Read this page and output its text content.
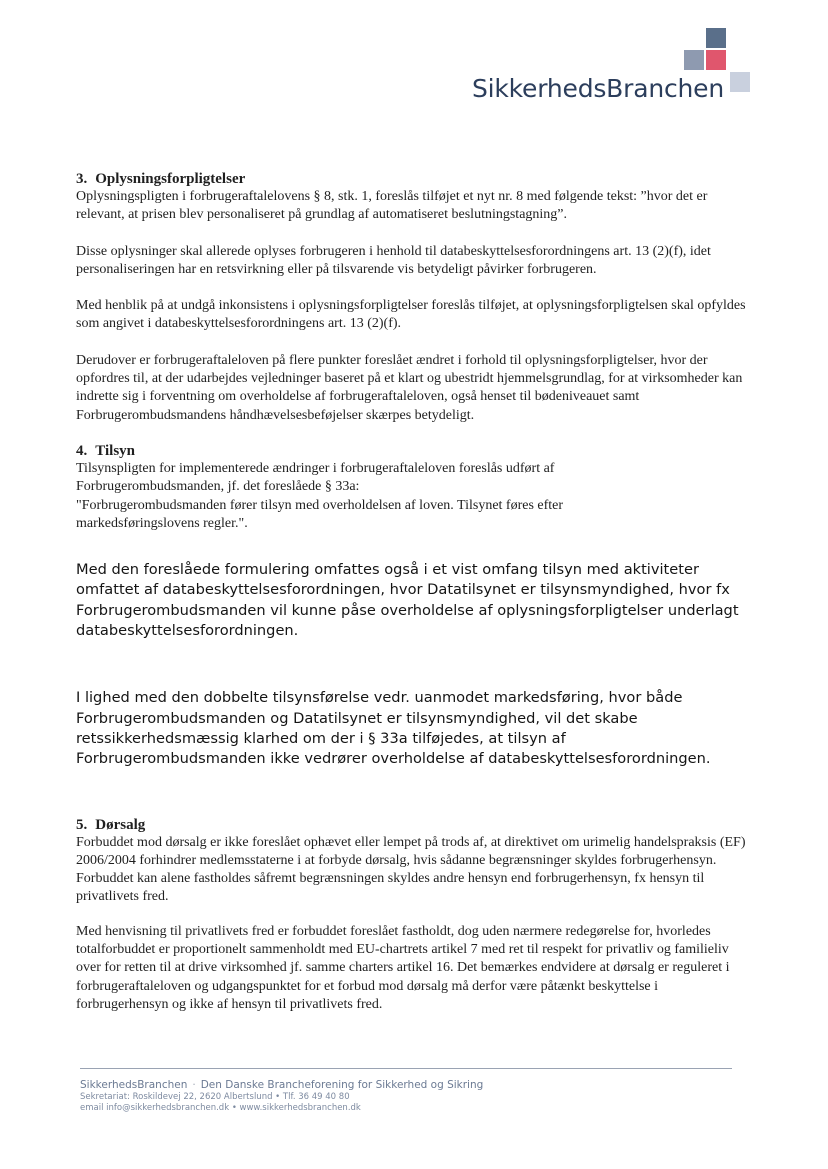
SikkerhedsBranchen
3. Oplysningsforpligtelser

Oplysningspligten i forbrugeraftalelovens § 8, stk. 1, foreslås tilføjet et nyt nr. 8 med følgende tekst: ”hvor det er relevant, at prisen blev personaliseret på grundlag af automatiseret beslutningstagning”.

Disse oplysninger skal allerede oplyses forbrugeren i henhold til databeskyttelsesforordningens art. 13 (2)(f), idet personaliseringen har en retsvirkning eller på tilsvarende vis betydeligt påvirker forbrugeren.

Med henblik på at undgå inkonsistens i oplysningsforpligtelser foreslås tilføjet, at oplysningsforpligtelsen skal opfyldes som angivet i databeskyttelsesforordningens art. 13 (2)(f).

Derudover er forbrugeraftaleloven på flere punkter foreslået ændret i forhold til oplysningsforpligtelser, hvor der opfordres til, at der udarbejdes vejledninger baseret på et klart og ubestridt hjemmelsgrundlag, for at virksomheder kan indrette sig i forventning om overholdelse af forbrugeraftaleloven, også henset til bødeniveauet samt Forbrugerombudsmandens håndhævelsesbeføjelser skærpes betydeligt.

4. Tilsyn

Tilsynspligten for implementerede ændringer i forbrugeraftaleloven foreslås udført af
Forbrugerombudsmanden, jf. det foreslåede § 33a:
"Forbrugerombudsmanden fører tilsyn med overholdelsen af loven. Tilsynet føres efter
markedsføringslovens regler.".

Med den foreslåede formulering omfattes også i et vist omfang tilsyn med aktiviteter omfattet af databeskyttelsesforordningen, hvor Datatilsynet er tilsynsmyndighed, hvor fx Forbrugerombudsmanden vil kunne påse overholdelse af oplysningsforpligtelser underlagt databeskyttelsesforordningen.

I lighed med den dobbelte tilsynsførelse vedr. uanmodet markedsføring, hvor både Forbrugerombudsmanden og Datatilsynet er tilsynsmyndighed, vil det skabe retssikkerhedsmæssig klarhed om der i § 33a tilføjedes, at tilsyn af Forbrugerombudsmanden ikke vedrører overholdelse af databeskyttelsesforordningen.

5. Dørsalg

Forbuddet mod dørsalg er ikke foreslået ophævet eller lempet på trods af, at direktivet om urimelig handelspraksis (EF) 2006/2004 forhindrer medlemsstaterne i at forbyde dørsalg, hvis sådanne begrænsninger skyldes forbrugerhensyn. Forbuddet kan alene fastholdes såfremt begrænsningen skyldes andre hensyn end forbrugerhensyn, fx hensyn til privatlivets fred.

Med henvisning til privatlivets fred er forbuddet foreslået fastholdt, dog uden nærmere redegørelse for, hvorledes totalforbuddet er proportionelt sammenholdt med EU-chartrets artikel 7 med ret til respekt for privatliv og familieliv over for retten til at drive virksomhed jf. samme charters artikel 16. Det bemærkes endvidere at dørsalg er reguleret i forbrugeraftaleloven og udgangspunktet for et forbud mod dørsalg må derfor være påtænkt beskyttelse i forbrugerhensyn og ikke af hensyn til privatlivets fred.

SikkerhedsBranchen · Den Danske Brancheforening for Sikkerhed og Sikring
Sekretariat: Roskildevej 22, 2620 Albertslund • Tlf. 36 49 40 80
email info@sikkerhedsbranchen.dk • www.sikkerhedsbranchen.dk
